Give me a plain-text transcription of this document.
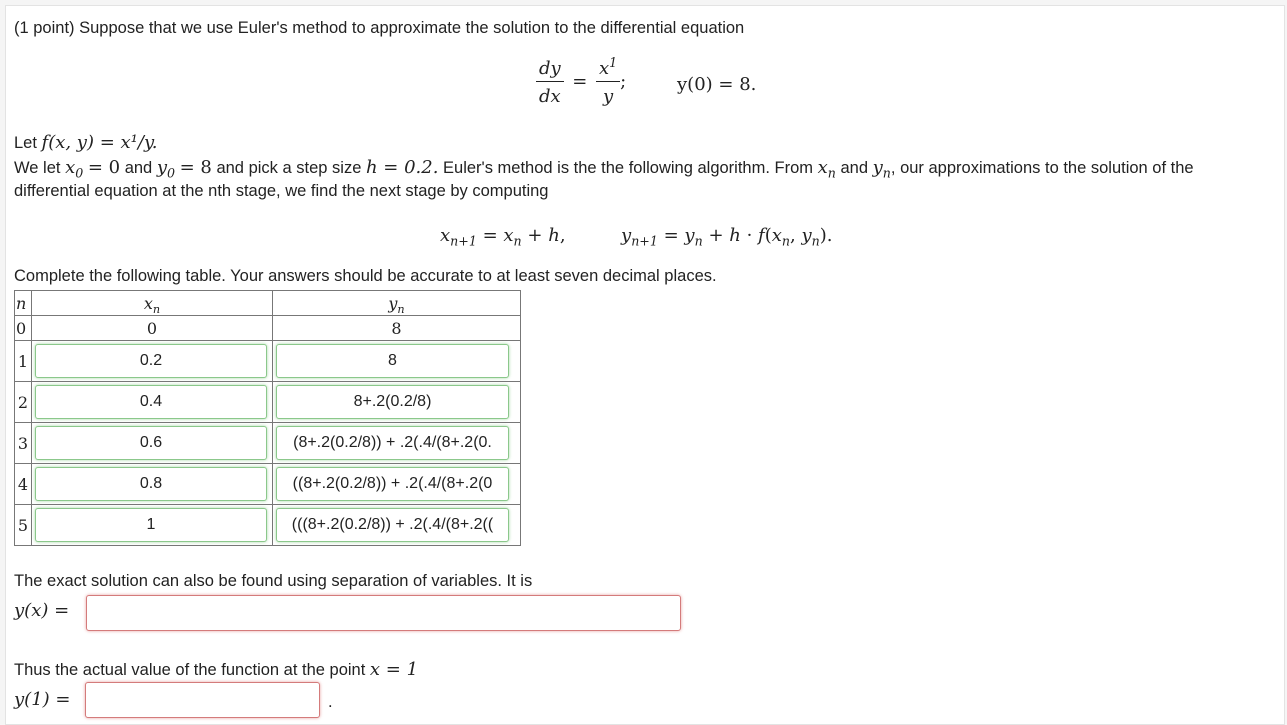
(1 point) Suppose that we use Euler's method to approximate the solution to the differential equation
$\frac{dy}{dx} = \frac{x^1}{y}$ ;	y(0) = 8.
Let f(x, y) = x¹/y.
We let $x_0 = 0$ and $y_0 = 8$ and pick a step size h = 0.2. Euler's method is the the following algorithm. From $x_n$ and $y_n$, our approximations to the solution of the
differential equation at the nth stage, we find the next stage by computing
$x_{n+1} = x_n + h$,	$y_{n+1} = y_n + h \cdot f(x_n$, $y_n$).
Complete the following table. Your answers should be accurate to at least seven decimal places.
n	$x_n$	$y_n$
0	0	8
1	0.2	8

2	0.4	8+.2(0.2/8)

3	0.6	(8+.2(0.2/8)) + .2(.4/(8+.2(0.

4	0.8	((8+.2(0.2/8)) + .2(.4/(8+.2(0

5	1	(((8+.2(0.2/8)) + .2(.4/(8+.2((
The exact solution can also be found using separation of variables. It is
y(x) =
Thus the actual value of the function at the point x = 1
y(1) =	.
